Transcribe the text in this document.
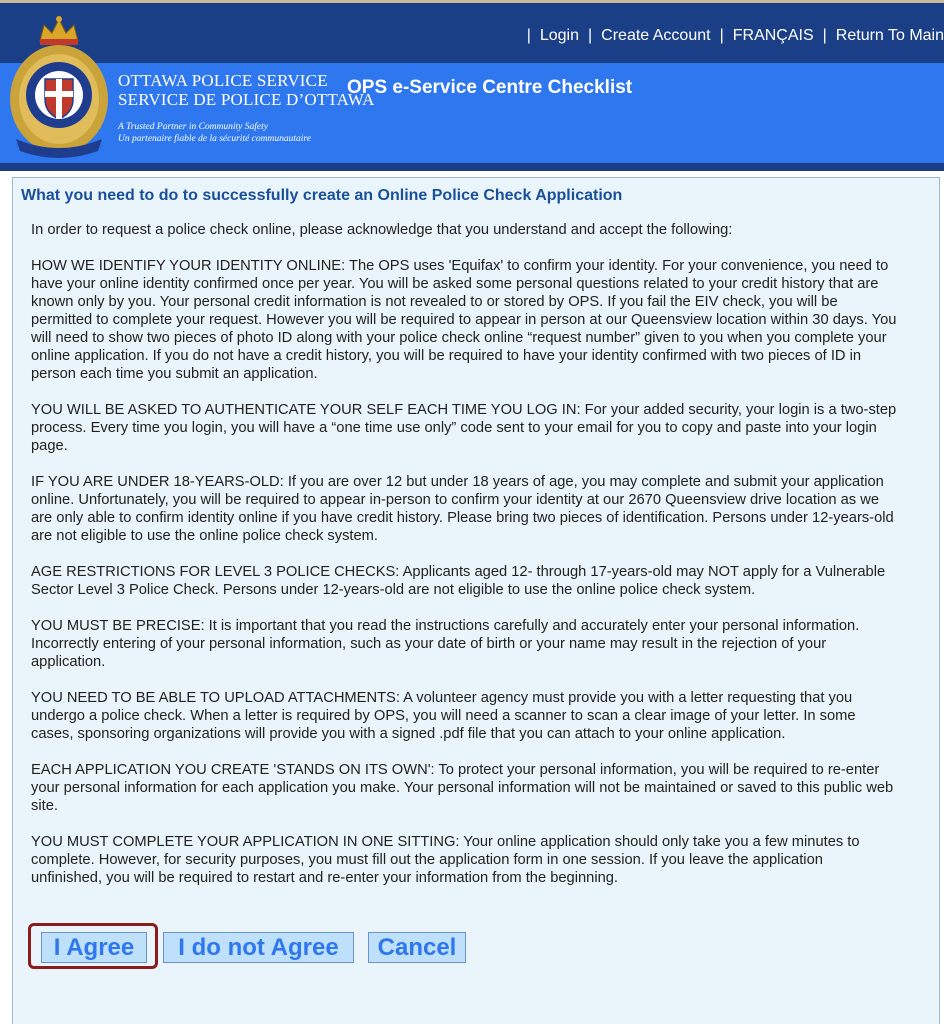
| Login | Create Account | FRANÇAIS | Return To Main
OTTAWA POLICE SERVICE
SERVICE DE POLICE D’OTTAWA
A Trusted Partner in Community Safety
Un partenaire fiable de la sécurité communautaire
OPS e-Service Centre Checklist
What you need to do to successfully create an Online Police Check Application

In order to request a police check online, please acknowledge that you understand and accept the following:

HOW WE IDENTIFY YOUR IDENTITY ONLINE: The OPS uses 'Equifax' to confirm your identity. For your convenience, you need to have your online identity confirmed once per year. You will be asked some personal questions related to your credit history that are known only by you. Your personal credit information is not revealed to or stored by OPS. If you fail the EIV check, you will be permitted to complete your request. However you will be required to appear in person at our Queensview location within 30 days. You will need to show two pieces of photo ID along with your police check online “request number” given to you when you complete your online application. If you do not have a credit history, you will be required to have your identity confirmed with two pieces of ID in person each time you submit an application.

YOU WILL BE ASKED TO AUTHENTICATE YOUR SELF EACH TIME YOU LOG IN: For your added security, your login is a two-step process. Every time you login, you will have a “one time use only” code sent to your email for you to copy and paste into your login page.

IF YOU ARE UNDER 18-YEARS-OLD: If you are over 12 but under 18 years of age, you may complete and submit your application online. Unfortunately, you will be required to appear in-person to confirm your identity at our 2670 Queensview drive location as we are only able to confirm identity online if you have credit history. Please bring two pieces of identification. Persons under 12-years-old are not eligible to use the online police check system.

AGE RESTRICTIONS FOR LEVEL 3 POLICE CHECKS: Applicants aged 12- through 17-years-old may NOT apply for a Vulnerable Sector Level 3 Police Check. Persons under 12-years-old are not eligible to use the online police check system.

YOU MUST BE PRECISE: It is important that you read the instructions carefully and accurately enter your personal information. Incorrectly entering of your personal information, such as your date of birth or your name may result in the rejection of your application.

YOU NEED TO BE ABLE TO UPLOAD ATTACHMENTS: A volunteer agency must provide you with a letter requesting that you undergo a police check. When a letter is required by OPS, you will need a scanner to scan a clear image of your letter. In some cases, sponsoring organizations will provide you with a signed .pdf file that you can attach to your online application.

EACH APPLICATION YOU CREATE 'STANDS ON ITS OWN': To protect your personal information, you will be required to re-enter your personal information for each application you make. Your personal information will not be maintained or saved to this public web site.

YOU MUST COMPLETE YOUR APPLICATION IN ONE SITTING: Your online application should only take you a few minutes to complete. However, for security purposes, you must fill out the application form in one session. If you leave the application unfinished, you will be required to restart and re-enter your information from the beginning.

I Agree	I do not Agree	Cancel
